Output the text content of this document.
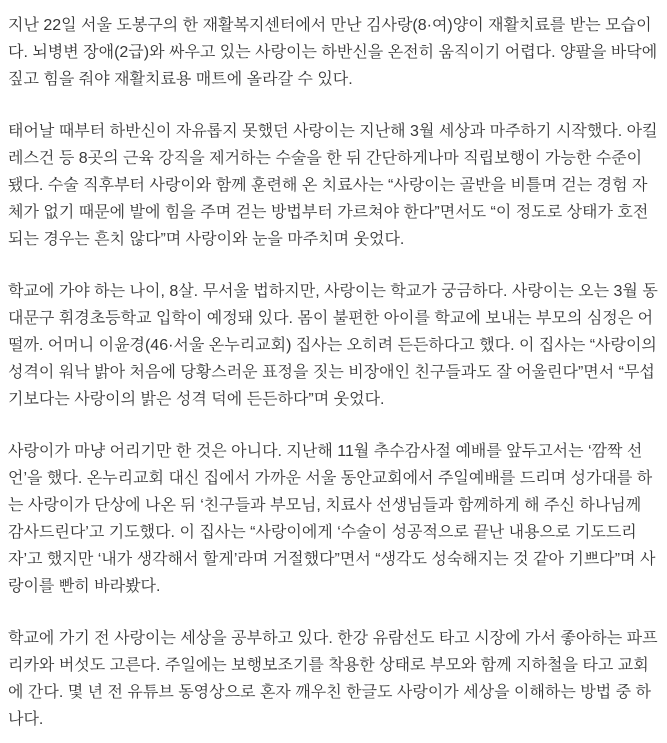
지난 22일 서울 도봉구의 한 재활복지센터에서 만난 김사랑(8·여)양이 재활치료를 받는 모습이다. 뇌병변 장애(2급)와 싸우고 있는 사랑이는 하반신을 온전히 움직이기 어렵다. 양팔을 바닥에 짚고 힘을 줘야 재활치료용 매트에 올라갈 수 있다.

태어날 때부터 하반신이 자유롭지 못했던 사랑이는 지난해 3월 세상과 마주하기 시작했다. 아킬레스건 등 8곳의 근육 강직을 제거하는 수술을 한 뒤 간단하게나마 직립보행이 가능한 수준이 됐다. 수술 직후부터 사랑이와 함께 훈련해 온 치료사는 “사랑이는 골반을 비틀며 걷는 경험 자체가 없기 때문에 발에 힘을 주며 걷는 방법부터 가르쳐야 한다”면서도 “이 정도로 상태가 호전되는 경우는 흔치 않다”며 사랑이와 눈을 마주치며 웃었다.

학교에 가야 하는 나이, 8살. 무서울 법하지만, 사랑이는 학교가 궁금하다. 사랑이는 오는 3월 동대문구 휘경초등학교 입학이 예정돼 있다. 몸이 불편한 아이를 학교에 보내는 부모의 심정은 어떨까. 어머니 이윤경(46·서울 온누리교회) 집사는 오히려 든든하다고 했다. 이 집사는 “사랑이의 성격이 워낙 밝아 처음에 당황스러운 표정을 짓는 비장애인 친구들과도 잘 어울린다”면서 “무섭기보다는 사랑이의 밝은 성격 덕에 든든하다”며 웃었다.

사랑이가 마냥 어리기만 한 것은 아니다. 지난해 11월 추수감사절 예배를 앞두고서는 ‘깜짝 선언’을 했다. 온누리교회 대신 집에서 가까운 서울 동안교회에서 주일예배를 드리며 성가대를 하는 사랑이가 단상에 나온 뒤 ‘친구들과 부모님, 치료사 선생님들과 함께하게 해 주신 하나님께 감사드린다’고 기도했다. 이 집사는 “사랑이에게 ‘수술이 성공적으로 끝난 내용으로 기도드리자’고 했지만 ‘내가 생각해서 할게’라며 거절했다”면서 “생각도 성숙해지는 것 같아 기쁘다”며 사랑이를 빤히 바라봤다.

학교에 가기 전 사랑이는 세상을 공부하고 있다. 한강 유람선도 타고 시장에 가서 좋아하는 파프리카와 버섯도 고른다. 주일에는 보행보조기를 착용한 상태로 부모와 함께 지하철을 타고 교회에 간다. 몇 년 전 유튜브 동영상으로 혼자 깨우친 한글도 사랑이가 세상을 이해하는 방법 중 하나다.
